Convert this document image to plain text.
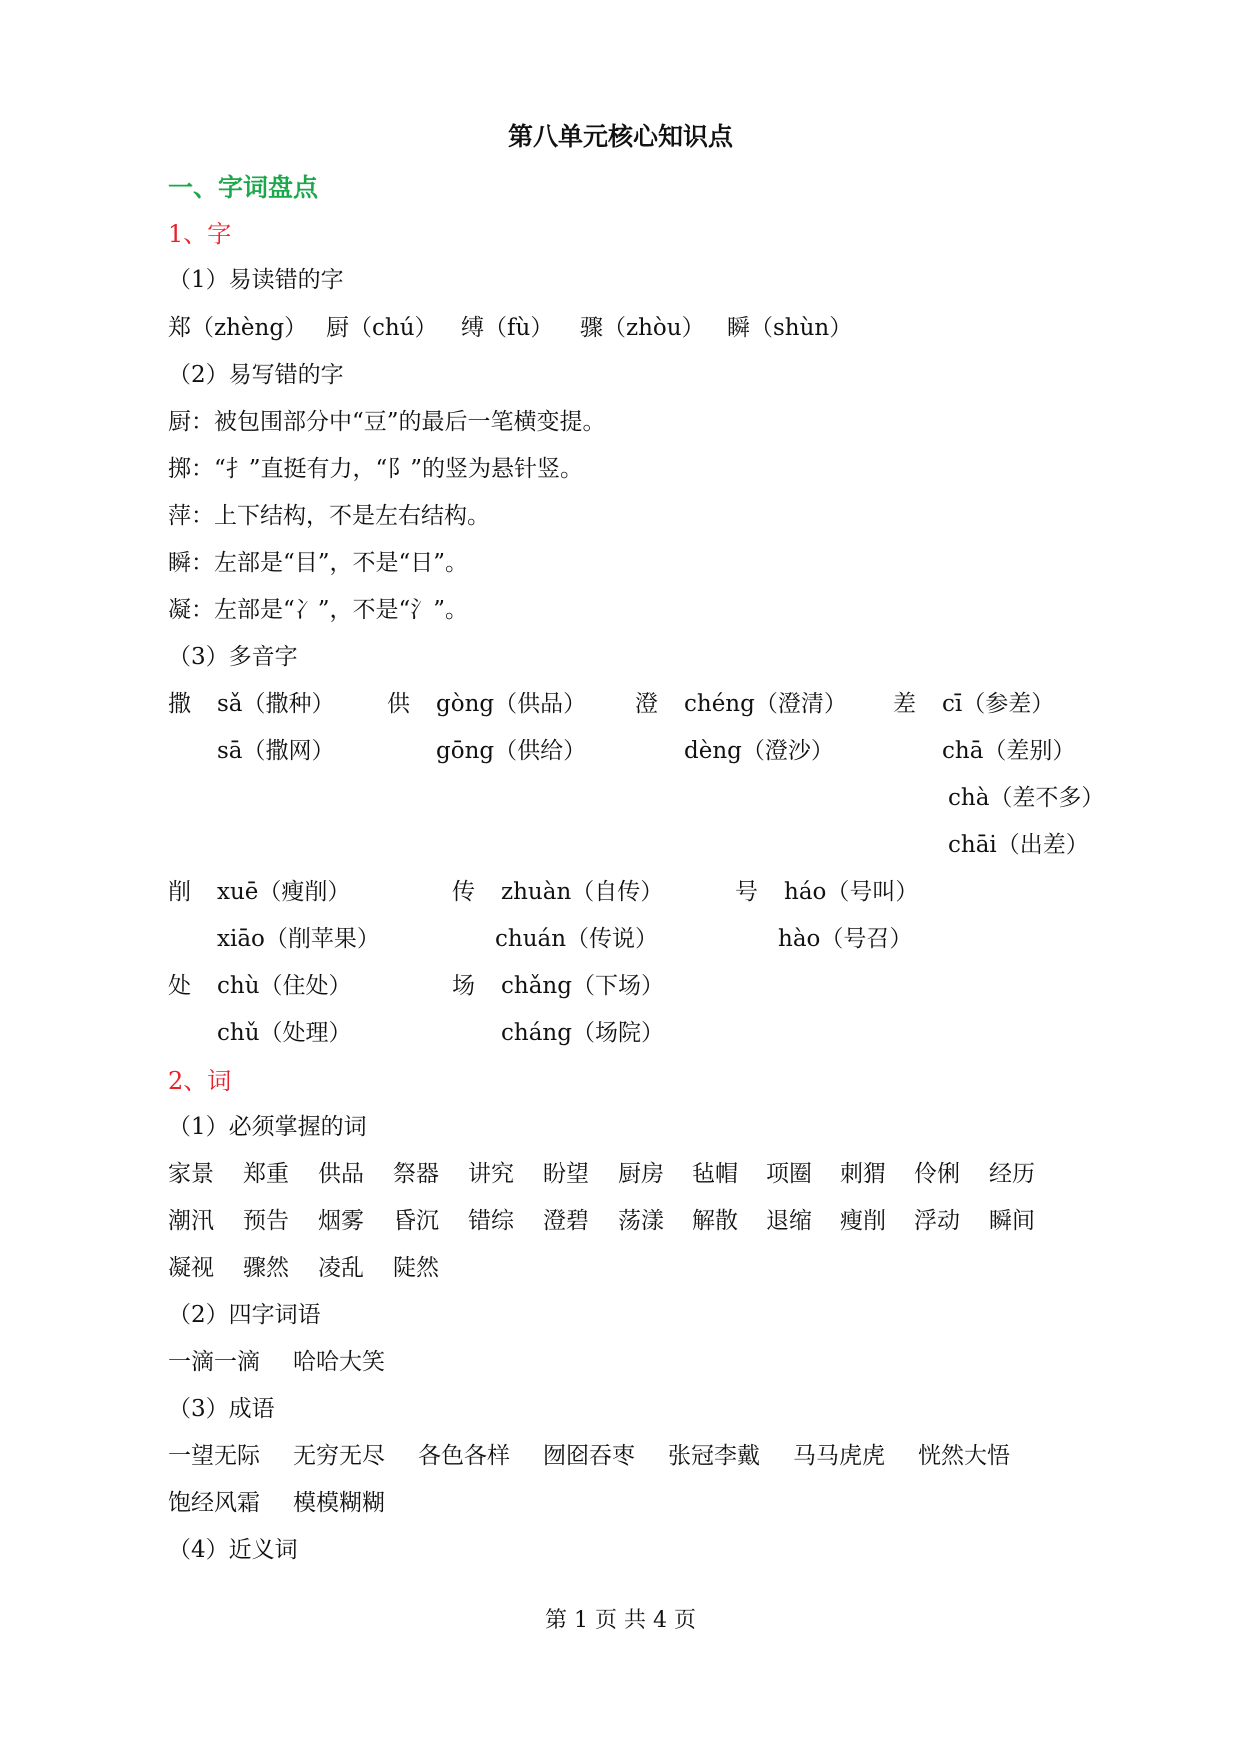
第八单元核心知识点
一、字词盘点
1、字
（1）易读错的字
郑（zhèng） 厨（chú） 缚（fù） 骤（zhòu） 瞬（shùn）
（2）易写错的字
厨：被包围部分中“豆”的最后一笔横变提。
掷：“扌”直挺有力，“阝”的竖为悬针竖。
萍：上下结构，不是左右结构。
瞬：左部是“目”，不是“日”。
凝：左部是“冫”，不是“氵”。
（3）多音字
撒 sǎ（撒种）
sā（撒网）
供 gòng（供品）
gōng（供给）
澄 chéng（澄清）
dèng（澄沙）
差 cī（参差）
chā（差别）
chà（差不多）
chāi（出差）
削 xuē（瘦削）
xiāo（削苹果）
传 zhuàn（自传）
chuán（传说）
号 háo（号叫）
hào（号召）
处 chù（住处）
chǔ（处理）
场 chǎng（下场）
cháng（场院）
2、词
（1）必须掌握的词
家景 郑重 供品 祭器 讲究 盼望 厨房 毡帽 项圈 刺猬 伶俐 经历
潮汛 预告 烟雾 昏沉 错综 澄碧 荡漾 解散 退缩 瘦削 浮动 瞬间
凝视 骤然 凌乱 陡然
（2）四字词语
一滴一滴 哈哈大笑
（3）成语
一望无际 无穷无尽 各色各样 囫囵吞枣 张冠李戴 马马虎虎 恍然大悟
饱经风霜 模模糊糊
（4）近义词
第 1 页 共 4 页
